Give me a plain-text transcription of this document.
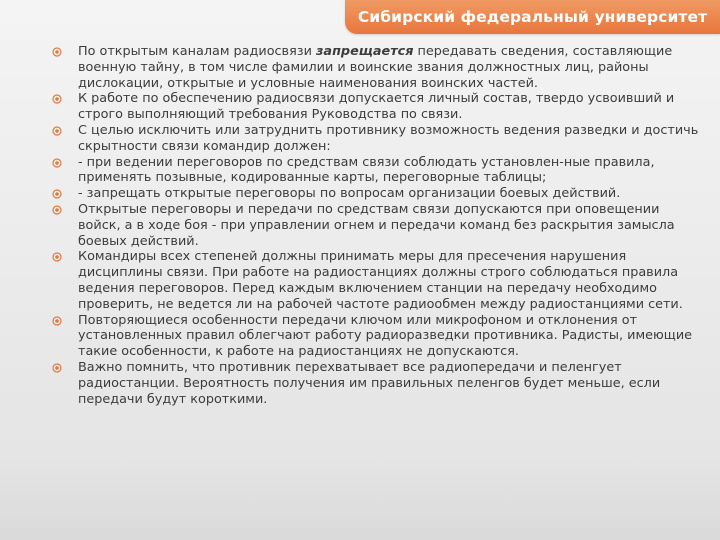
Сибирский федеральный университет
По открытым каналам радиосвязи запрещается передавать сведения, составляющие военную тайну, в том числе фамилии и воинские звания должностных лиц, районы дислокации, открытые и условные наименования воинских частей.
К работе по обеспечению радиосвязи допускается личный состав, твердо усвоивший и строго выполняющий требования Руководства по связи.
С целью исключить или затруднить противнику возможность ведения разведки и достичь скрытности связи командир должен:
- при ведении переговоров по средствам связи соблюдать установлен-ные правила, применять позывные, кодированные карты, переговорные таблицы;
- запрещать открытые переговоры по вопросам организации боевых действий.
Открытые переговоры и передачи по средствам связи допускаются при оповещении войск, а в ходе боя - при управлении огнем и передачи команд без раскрытия замысла боевых действий.
Командиры всех степеней должны принимать меры для пресечения нарушения дисциплины связи. При работе на радиостанциях должны строго соблюдаться правила ведения переговоров. Перед каждым включением станции на передачу необходимо проверить, не ведется ли на рабочей частоте радиообмен между радиостанциями сети.
Повторяющиеся особенности передачи ключом или микрофоном и отклонения от установленных правил облегчают работу радиоразведки противника. Радисты, имеющие такие особенности, к работе на радиостанциях не допускаются.
Важно помнить, что противник перехватывает все радиопередачи и пеленгует радиостанции. Вероятность получения им правильных пеленгов будет меньше, если передачи будут короткими.
